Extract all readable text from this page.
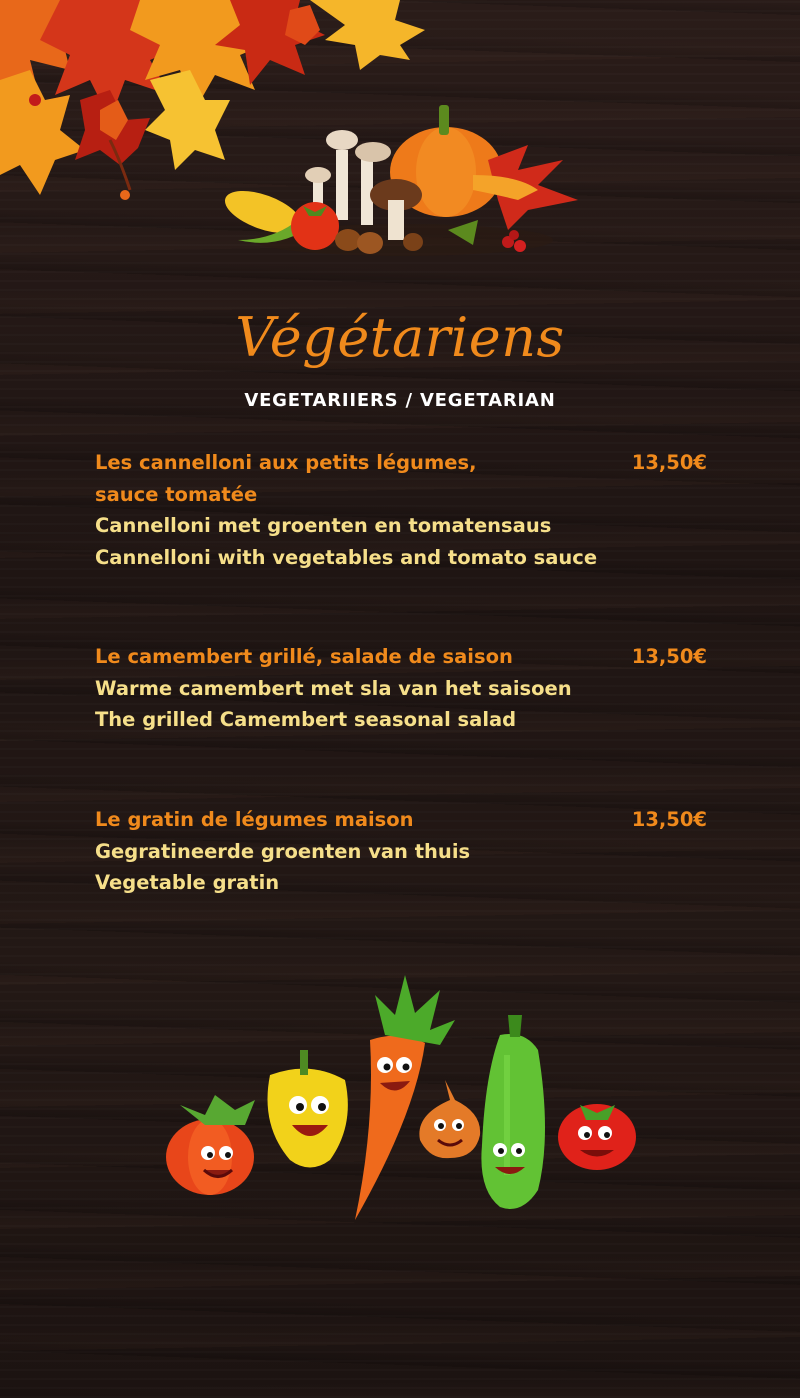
Végétariens
VEGETARIIERS / VEGETARIAN
Les cannelloni aux petits légumes,
sauce tomatée
Cannelloni met groenten en tomatensaus
Cannelloni with vegetables and tomato sauce
13,50€
Le camembert grillé, salade de saison
Warme camembert met sla van het saisoen
The grilled Camembert seasonal salad
13,50€
Le gratin de légumes maison
Gegratineerde groenten van thuis
Vegetable gratin
13,50€
